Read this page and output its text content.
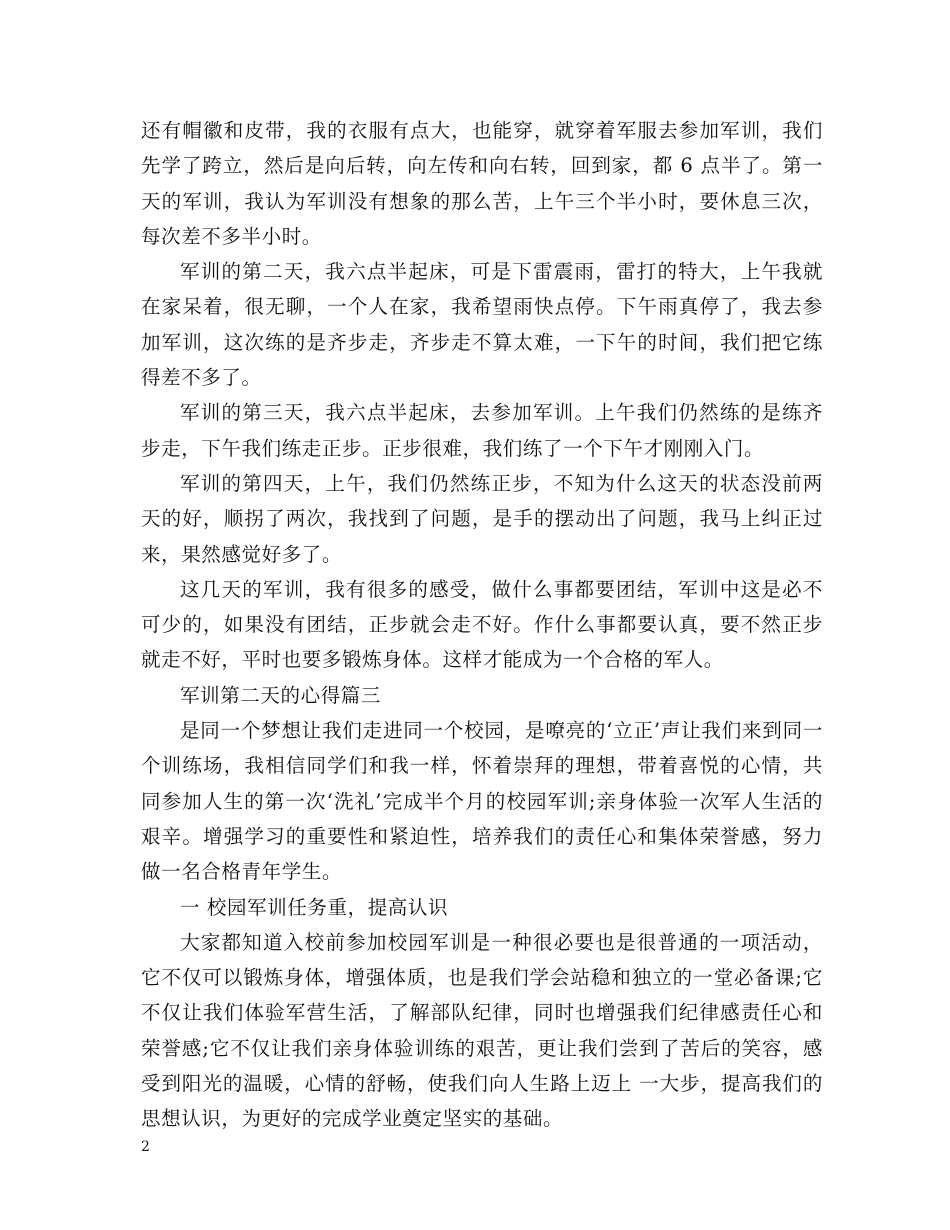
还有帽徽和皮带，我的衣服有点大，也能穿，就穿着军服去参加军训，我们先学了跨立，然后是向后转，向左传和向右转，回到家，都 6 点半了。第一天的军训，我认为军训没有想象的那么苦，上午三个半小时，要休息三次，每次差不多半小时。

军训的第二天，我六点半起床，可是下雷震雨，雷打的特大，上午我就在家呆着，很无聊，一个人在家，我希望雨快点停。下午雨真停了，我去参加军训，这次练的是齐步走，齐步走不算太难，一下午的时间，我们把它练得差不多了。

军训的第三天，我六点半起床，去参加军训。上午我们仍然练的是练齐步走，下午我们练走正步。正步很难，我们练了一个下午才刚刚入门。

军训的第四天，上午，我们仍然练正步，不知为什么这天的状态没前两天的好，顺拐了两次，我找到了问题，是手的摆动出了问题，我马上纠正过来，果然感觉好多了。

这几天的军训，我有很多的感受，做什么事都要团结，军训中这是必不可少的，如果没有团结，正步就会走不好。作什么事都要认真，要不然正步就走不好，平时也要多锻炼身体。这样才能成为一个合格的军人。

军训第二天的心得篇三

是同一个梦想让我们走进同一个校园，是嘹亮的‘立正’声让我们来到同一个训练场，我相信同学们和我一样，怀着崇拜的理想，带着喜悦的心情，共同参加人生的第一次‘洗礼’完成半个月的校园军训;亲身体验一次军人生活的艰辛。增强学习的重要性和紧迫性，培养我们的责任心和集体荣誉感，努力做一名合格青年学生。

一 校园军训任务重，提高认识

大家都知道入校前参加校园军训是一种很必要也是很普通的一项活动，它不仅可以锻炼身体，增强体质，也是我们学会站稳和独立的一堂必备课;它不仅让我们体验军营生活，了解部队纪律，同时也增强我们纪律感责任心和荣誉感;它不仅让我们亲身体验训练的艰苦，更让我们尝到了苦后的笑容，感受到阳光的温暖，心情的舒畅，使我们向人生路上迈上 一大步，提高我们的思想认识，为更好的完成学业奠定坚实的基础。

2
